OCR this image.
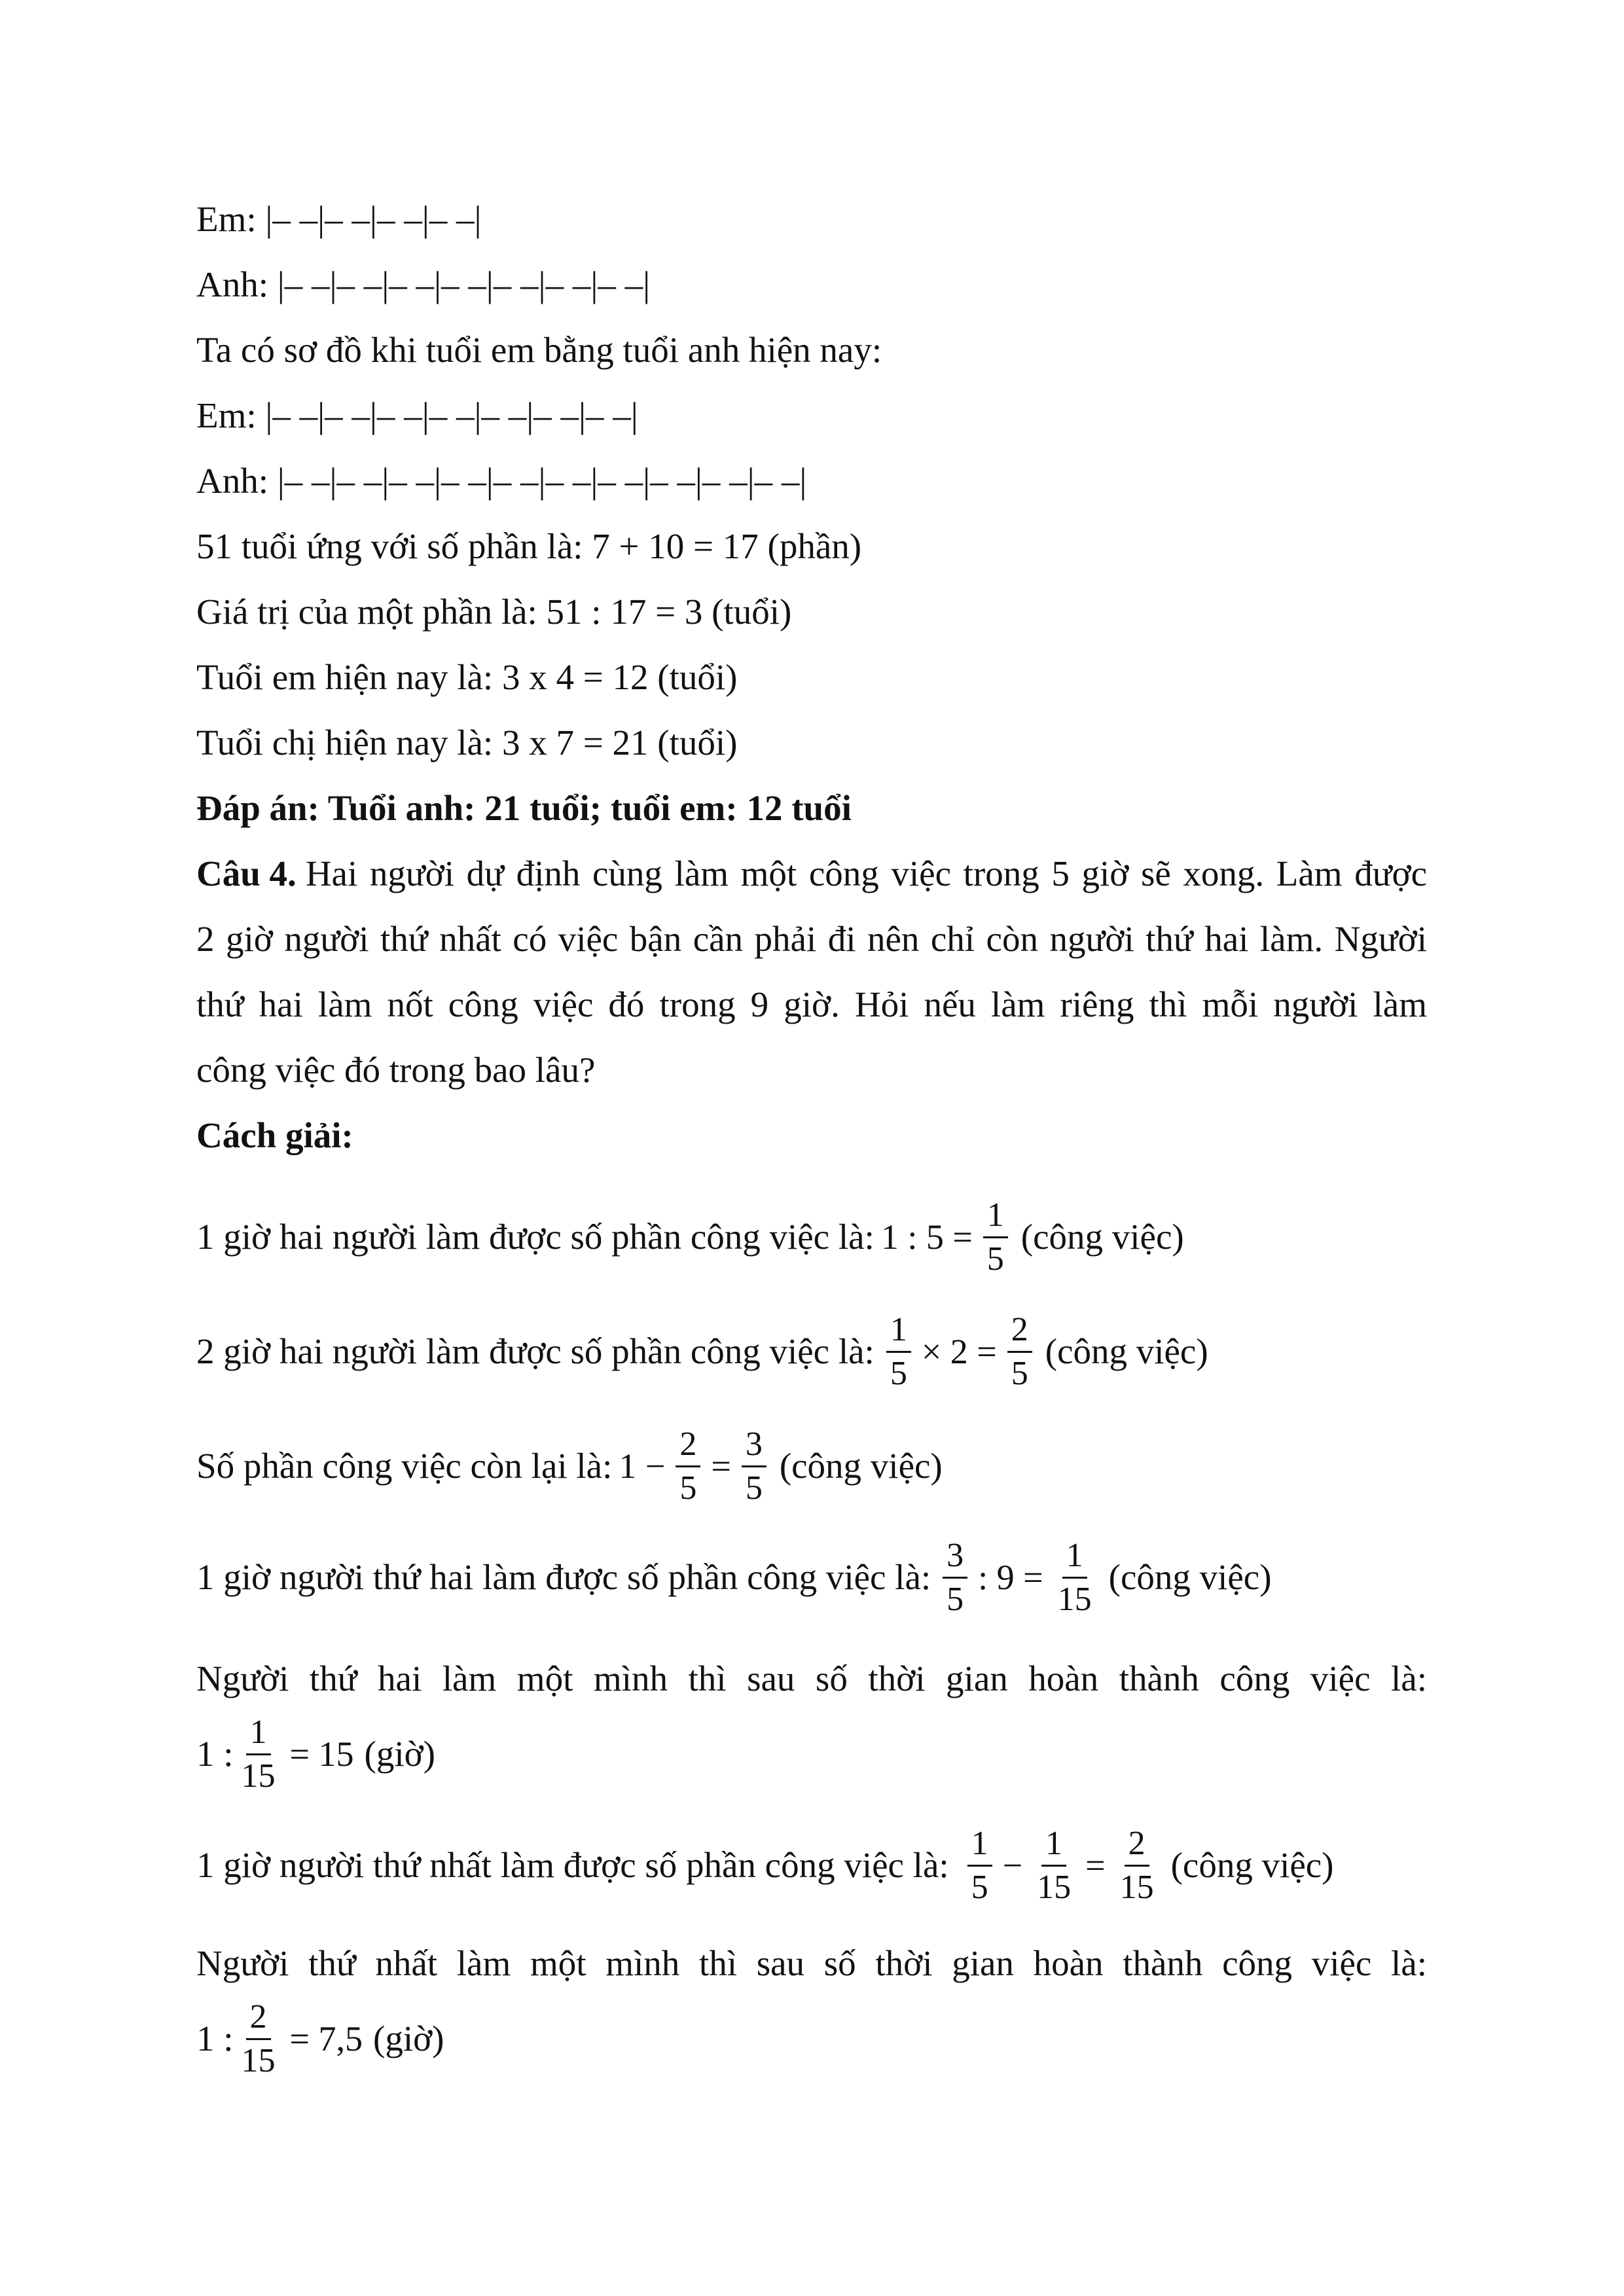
Em: |– –|– –|– –|– –|
Anh: |– –|– –|– –|– –|– –|– –|– –|
Ta có sơ đồ khi tuổi em bằng tuổi anh hiện nay:
Em: |– –|– –|– –|– –|– –|– –|– –|
Anh: |– –|– –|– –|– –|– –|– –|– –|– –|– –|– –|
51 tuổi ứng với số phần là: 7 + 10 = 17 (phần)
Giá trị của một phần là: 51 : 17 = 3 (tuổi)
Tuổi em hiện nay là: 3 x 4 = 12 (tuổi)
Tuổi chị hiện nay là: 3 x 7 = 21 (tuổi)
Đáp án: Tuổi anh: 21 tuổi; tuổi em: 12 tuổi
Câu 4. Hai người dự định cùng làm một công việc trong 5 giờ sẽ xong. Làm được
2 giờ người thứ nhất có việc bận cần phải đi nên chỉ còn người thứ hai làm. Người
thứ hai làm nốt công việc đó trong 9 giờ. Hỏi nếu làm riêng thì mỗi người làm
công việc đó trong bao lâu?
Cách giải:
1 giờ hai người làm được số phần công việc là: 1 : $5 = \frac{1}{5}$ (công việc)
2 giờ hai người làm được số phần công việc là: $\frac{1}{5} \times 2 = \frac{2}{5}$ (công việc)
Số phần công việc còn lại là: $1 - \frac{2}{5} = \frac{3}{5}$ (công việc)
1 giờ người thứ hai làm được số phần công việc là: $\frac{3}{5}$ : $9 = \frac{1}{15}$ (công việc)
Người thứ hai làm một mình thì sau số thời gian hoàn thành công việc là:
1 : $\frac{1}{15} = 15$ (giờ)
1 giờ người thứ nhất làm được số phần công việc là: $\frac{1}{5} - \frac{1}{15} = \frac{2}{15}$ (công việc)
Người thứ nhất làm một mình thì sau số thời gian hoàn thành công việc là:
1 : $\frac{2}{15} = 7,5$ (giờ)
